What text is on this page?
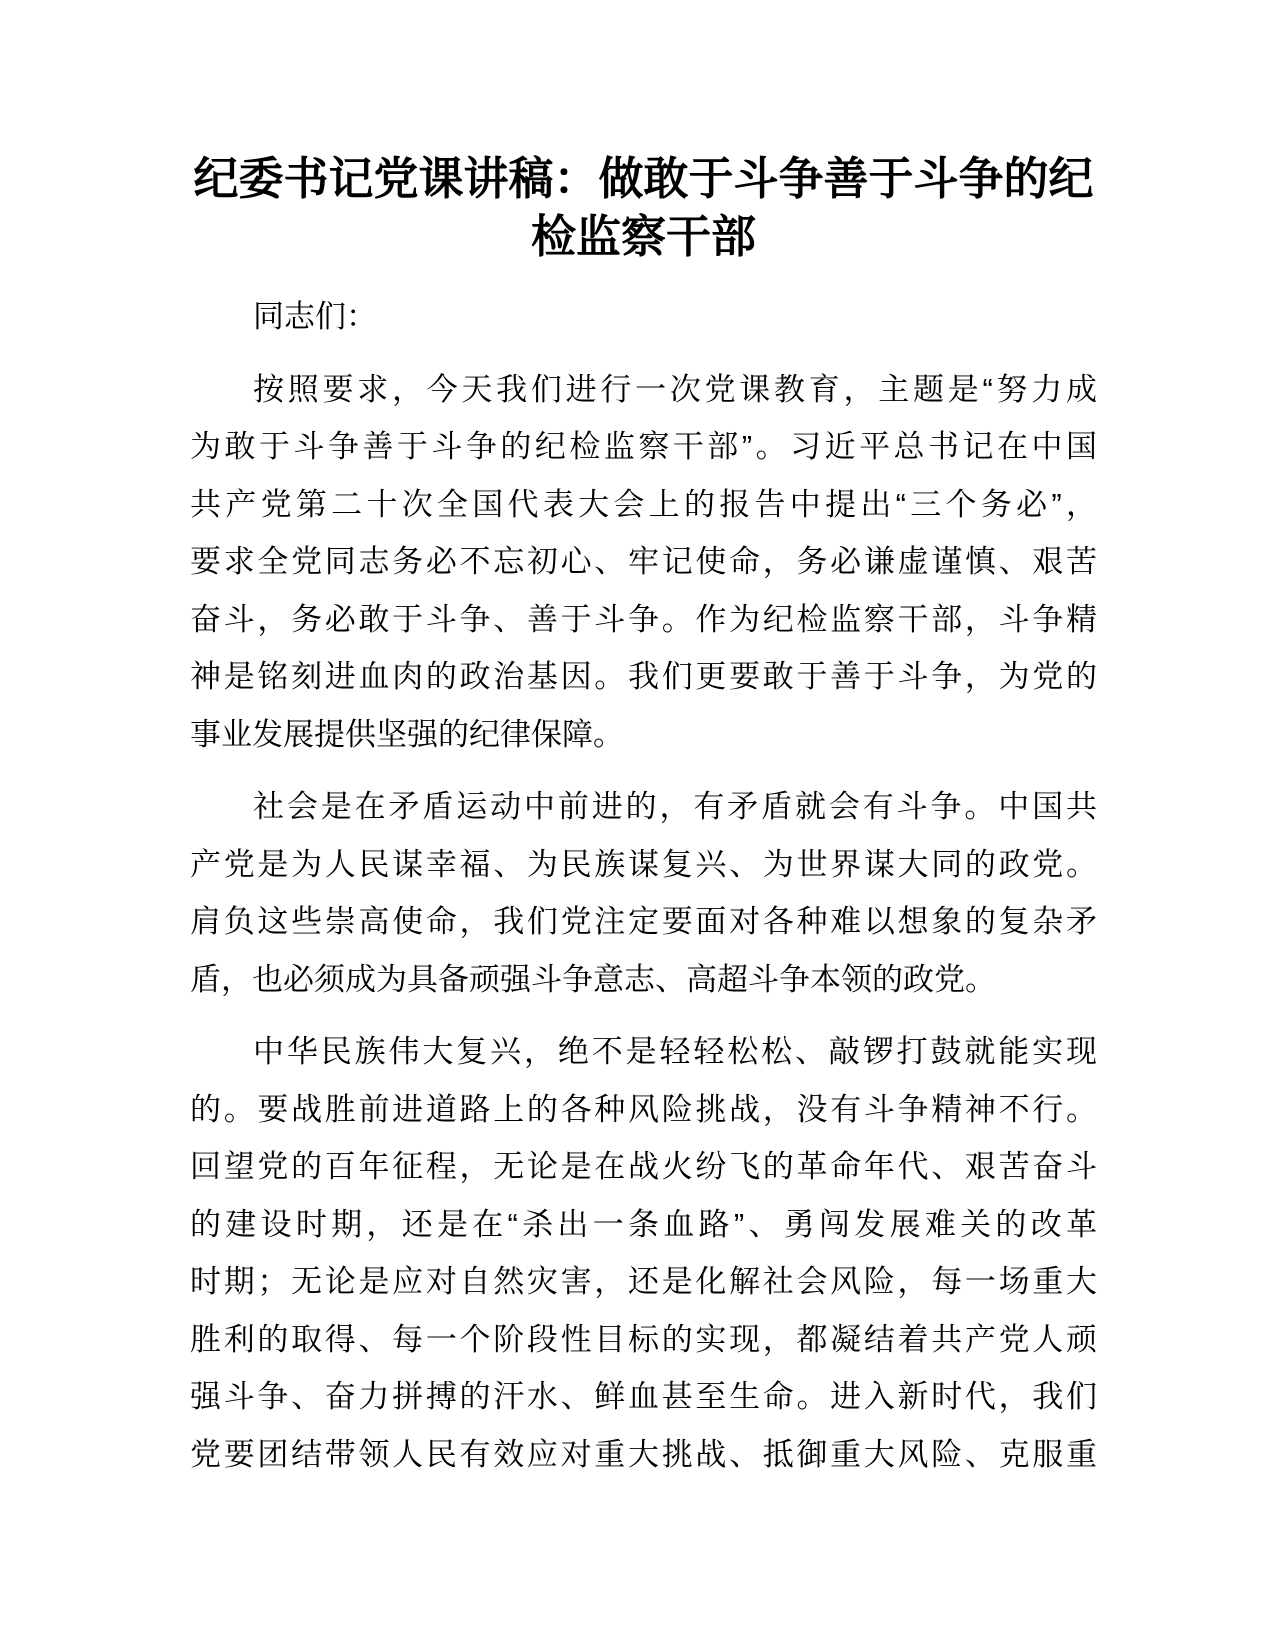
纪委书记党课讲稿：做敢于斗争善于斗争的纪
检监察干部
同志们：
按照要求，今天我们进行一次党课教育，主题是“努力成
为敢于斗争善于斗争的纪检监察干部”。习近平总书记在中国
共产党第二十次全国代表大会上的报告中提出“三个务必”，
要求全党同志务必不忘初心、牢记使命，务必谦虚谨慎、艰苦
奋斗，务必敢于斗争、善于斗争。作为纪检监察干部，斗争精
神是铭刻进血肉的政治基因。我们更要敢于善于斗争，为党的
事业发展提供坚强的纪律保障。
社会是在矛盾运动中前进的，有矛盾就会有斗争。中国共
产党是为人民谋幸福、为民族谋复兴、为世界谋大同的政党。
肩负这些崇高使命，我们党注定要面对各种难以想象的复杂矛
盾，也必须成为具备顽强斗争意志、高超斗争本领的政党。
中华民族伟大复兴，绝不是轻轻松松、敲锣打鼓就能实现
的。要战胜前进道路上的各种风险挑战，没有斗争精神不行。
回望党的百年征程，无论是在战火纷飞的革命年代、艰苦奋斗
的建设时期，还是在“杀出一条血路”、勇闯发展难关的改革
时期；无论是应对自然灾害，还是化解社会风险，每一场重大
胜利的取得、每一个阶段性目标的实现，都凝结着共产党人顽
强斗争、奋力拼搏的汗水、鲜血甚至生命。进入新时代，我们
党要团结带领人民有效应对重大挑战、抵御重大风险、克服重
